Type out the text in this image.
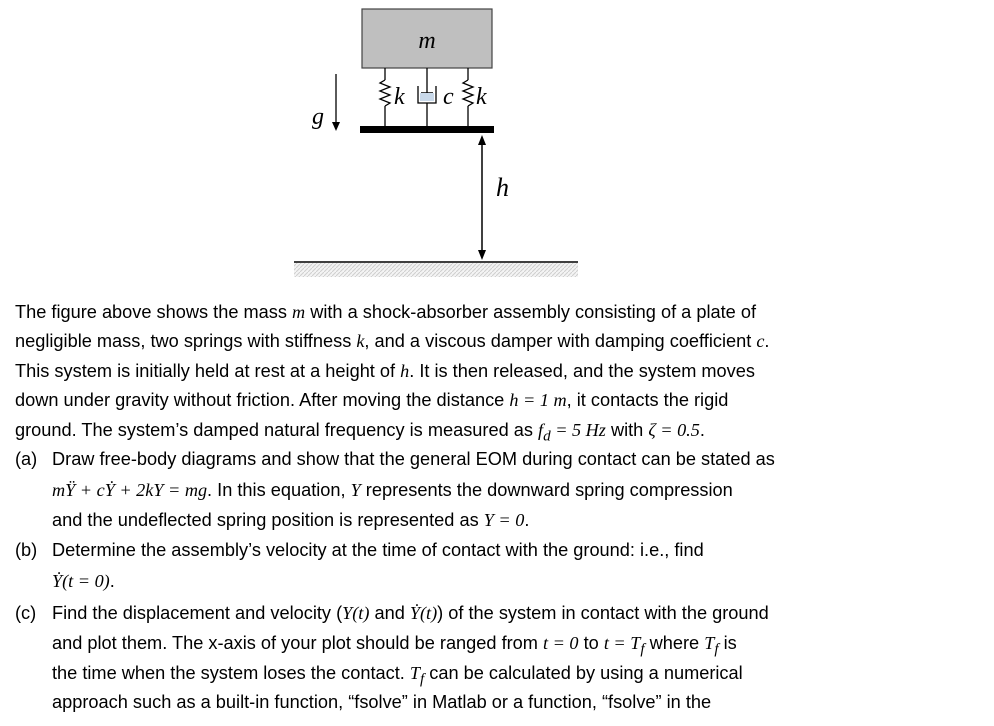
m
k c k
g
h
The figure above shows the mass m with a shock-absorber assembly consisting of a plate of
negligible mass, two springs with stiffness k, and a viscous damper with damping coefficient c.
This system is initially held at rest at a height of h. It is then released, and the system moves
down under gravity without friction. After moving the distance h = 1 m, it contacts the rigid
ground. The system’s damped natural frequency is measured as $f_d = 5$ Hz with ζ = 0.5.
(a) Draw free-body diagrams and show that the general EOM during contact can be stated as
mŸ + cẎ + 2kY = mg. In this equation, Y represents the downward spring compression
and the undeflected spring position is represented as Y = 0.
(b) Determine the assembly’s velocity at the time of contact with the ground: i.e., find
Ẏ(t = 0).
(c) Find the displacement and velocity (Y(t) and Ẏ(t)) of the system in contact with the ground
and plot them. The x-axis of your plot should be ranged from t = 0 to $t = T_f$ where $T_f$ is
the time when the system loses the contact. $T_f$ can be calculated by using a numerical
approach such as a built-in function, “fsolve” in Matlab or a function, “fsolve” in the
